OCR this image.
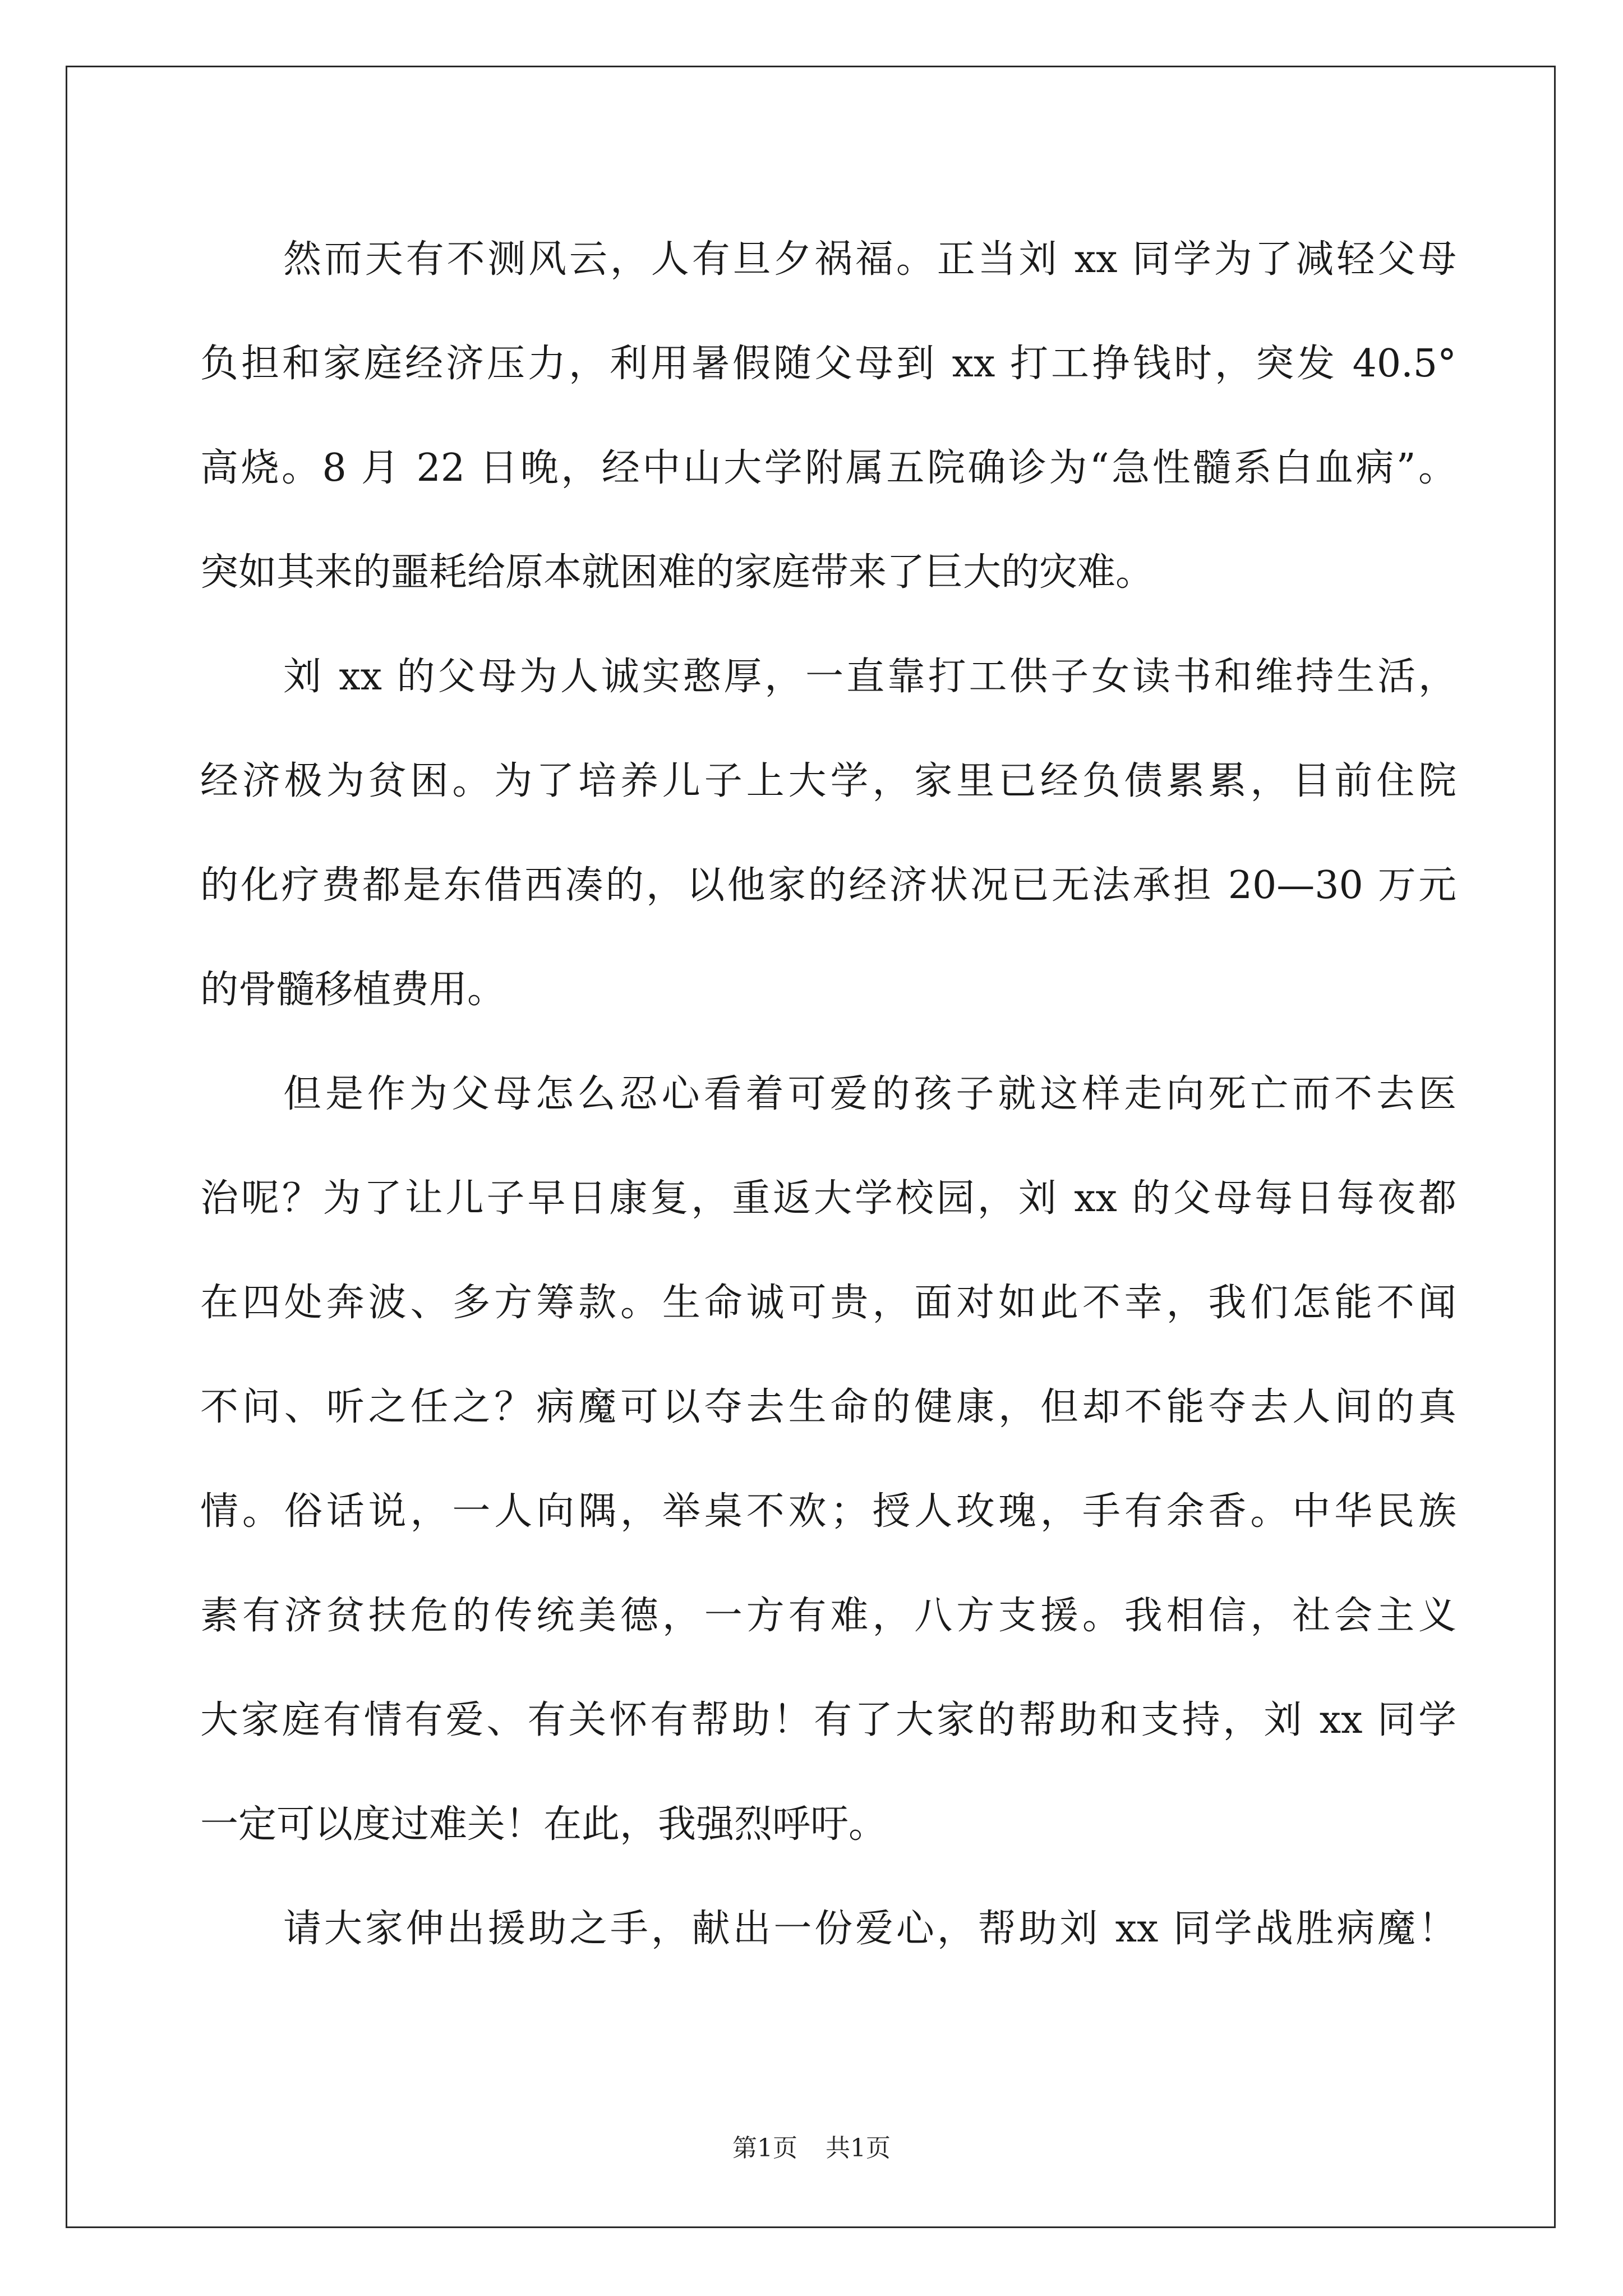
然而天有不测风云，人有旦夕祸福。正当刘 xx 同学为了减轻父母
负担和家庭经济压力，利用暑假随父母到 xx 打工挣钱时，突发 40.5°
高烧。8 月 22 日晚，经中山大学附属五院确诊为“急性髓系白血病”。
突如其来的噩耗给原本就困难的家庭带来了巨大的灾难。
刘 xx 的父母为人诚实憨厚，一直靠打工供子女读书和维持生活，
经济极为贫困。为了培养儿子上大学，家里已经负债累累，目前住院
的化疗费都是东借西凑的，以他家的经济状况已无法承担 20—30 万元
的骨髓移植费用。
但是作为父母怎么忍心看着可爱的孩子就这样走向死亡而不去医
治呢？为了让儿子早日康复，重返大学校园，刘 xx 的父母每日每夜都
在四处奔波、多方筹款。生命诚可贵，面对如此不幸，我们怎能不闻
不问、听之任之？病魔可以夺去生命的健康，但却不能夺去人间的真
情。俗话说，一人向隅，举桌不欢；授人玫瑰，手有余香。中华民族
素有济贫扶危的传统美德，一方有难，八方支援。我相信，社会主义
大家庭有情有爱、有关怀有帮助！有了大家的帮助和支持，刘 xx 同学
一定可以度过难关！在此，我强烈呼吁。
请大家伸出援助之手，献出一份爱心，帮助刘 xx 同学战胜病魔！
第1页 共1页
